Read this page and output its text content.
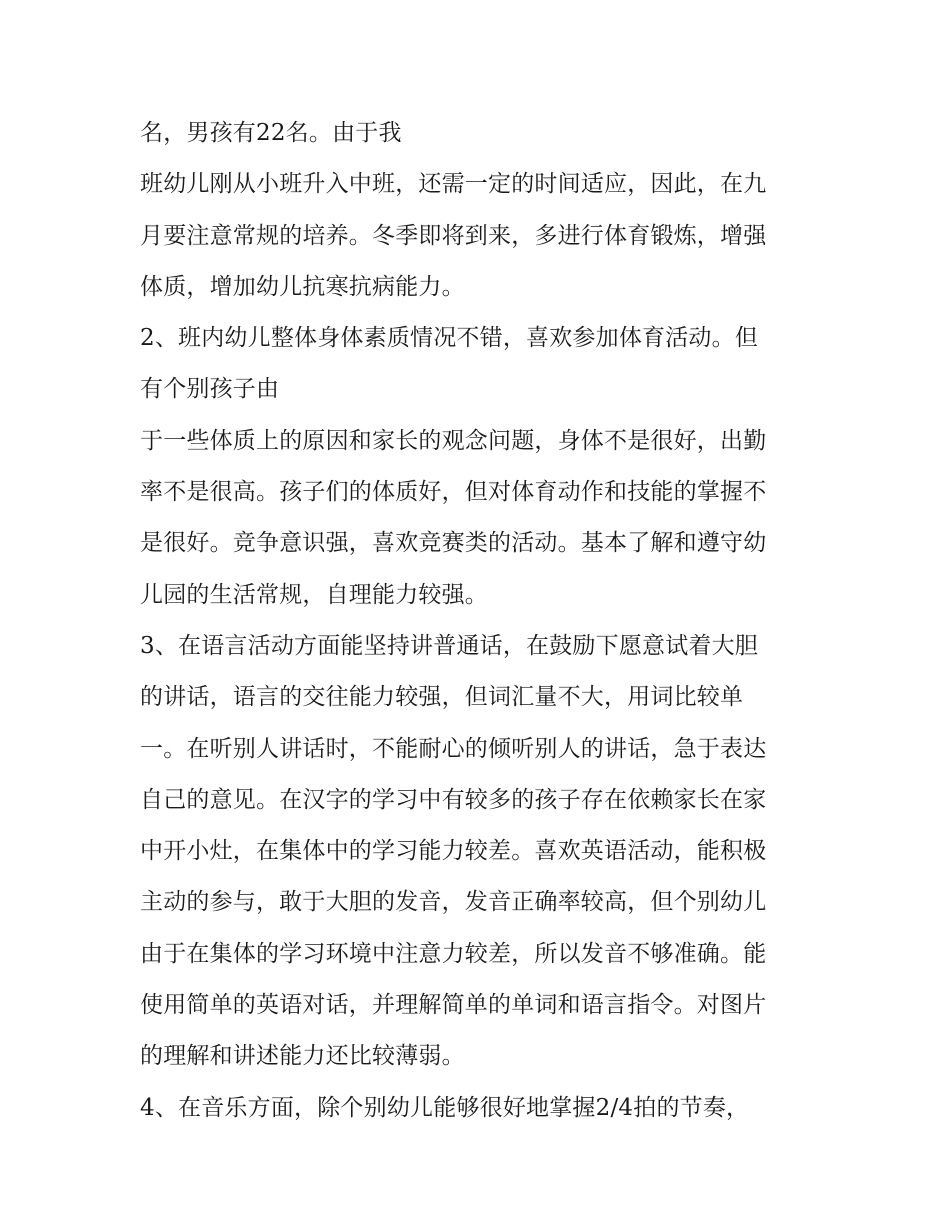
名，男孩有22名。由于我
班幼儿刚从小班升入中班，还需一定的时间适应，因此，在九
月要注意常规的培养。冬季即将到来，多进行体育锻炼，增强
体质，增加幼儿抗寒抗病能力。
2、班内幼儿整体身体素质情况不错，喜欢参加体育活动。但
有个别孩子由
于一些体质上的原因和家长的观念问题，身体不是很好，出勤
率不是很高。孩子们的体质好，但对体育动作和技能的掌握不
是很好。竞争意识强，喜欢竞赛类的活动。基本了解和遵守幼
儿园的生活常规，自理能力较强。
3、在语言活动方面能坚持讲普通话，在鼓励下愿意试着大胆
的讲话，语言的交往能力较强，但词汇量不大，用词比较单
一。在听别人讲话时，不能耐心的倾听别人的讲话，急于表达
自己的意见。在汉字的学习中有较多的孩子存在依赖家长在家
中开小灶，在集体中的学习能力较差。喜欢英语活动，能积极
主动的参与，敢于大胆的发音，发音正确率较高，但个别幼儿
由于在集体的学习环境中注意力较差，所以发音不够准确。能
使用简单的英语对话，并理解简单的单词和语言指令。对图片
的理解和讲述能力还比较薄弱。
4、在音乐方面，除个别幼儿能够很好地掌握2/4拍的节奏，
